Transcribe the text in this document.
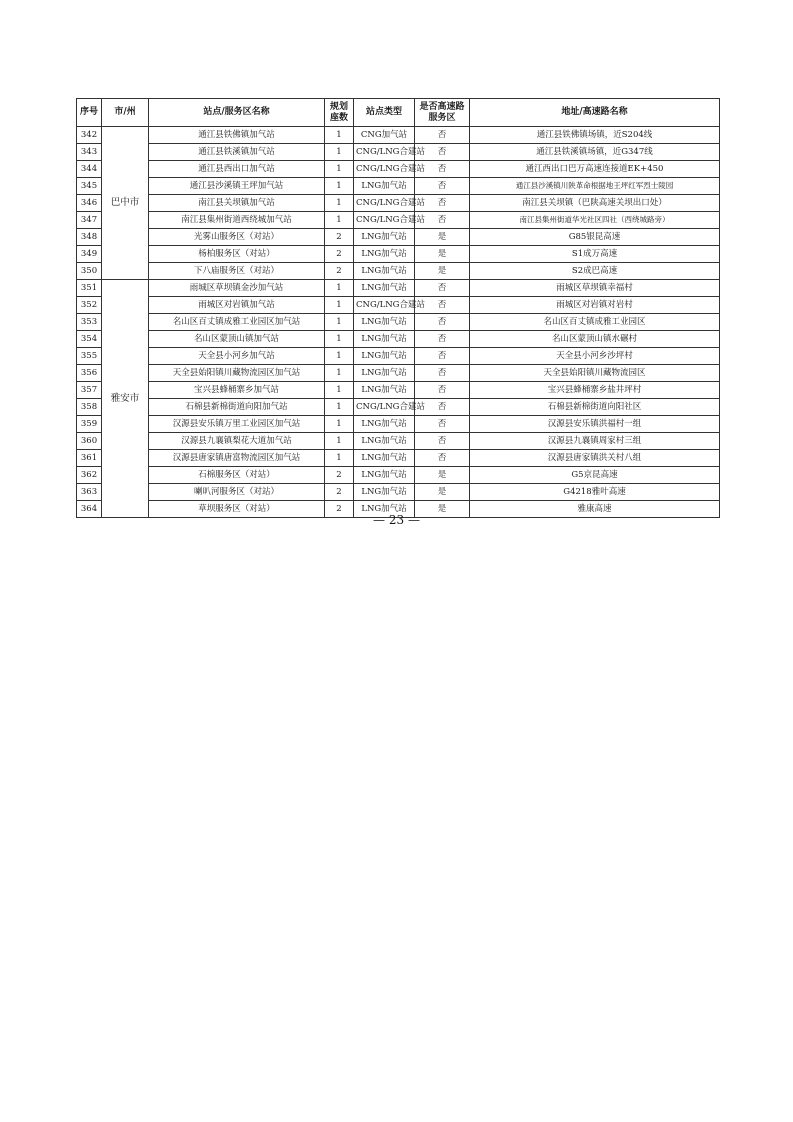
序号	市/州	站点/服务区名称	规划座数	站点类型	是否高速路服务区	地址/高速路名称
342	巴中市	通江县铁佛镇加气站	1	CNG加气站	否	通江县铁佛镇场镇，近S204线
343		通江县铁溪镇加气站	1	CNG/LNG合建站	否	通江县铁溪镇场镇，近G347线
344		通江县西出口加气站	1	CNG/LNG合建站	否	通江西出口巴万高速连接道EK+450
345		通江县沙溪镇王坪加气站	1	LNG加气站	否	通江县沙溪镇川陕革命根据地王坪红军烈士陵园
346		南江县关坝镇加气站	1	CNG/LNG合建站	否	南江县关坝镇（巴陕高速关坝出口处）
347		南江县集州街道西绕城加气站	1	CNG/LNG合建站	否	南江县集州街道华光社区四社（西绕城路旁）
348		光雾山服务区（对站）	2	LNG加气站	是	G85银昆高速
349		杨柏服务区（对站）	2	LNG加气站	是	S1成万高速
350		下八庙服务区（对站）	2	LNG加气站	是	S2成巴高速
351	雅安市	雨城区草坝镇金沙加气站	1	LNG加气站	否	雨城区草坝镇幸福村
352		雨城区对岩镇加气站	1	CNG/LNG合建站	否	雨城区对岩镇对岩村
353		名山区百丈镇成雅工业园区加气站	1	LNG加气站	否	名山区百丈镇成雅工业园区
354		名山区蒙顶山镇加气站	1	LNG加气站	否	名山区蒙顶山镇水碾村
355		天全县小河乡加气站	1	LNG加气站	否	天全县小河乡沙坪村
356		天全县始阳镇川藏物流园区加气站	1	LNG加气站	否	天全县始阳镇川藏物流园区
357		宝兴县蜂桶寨乡加气站	1	LNG加气站	否	宝兴县蜂桶寨乡盐井坪村
358		石棉县新棉街道向阳加气站	1	CNG/LNG合建站	否	石棉县新棉街道向阳社区
359		汉源县安乐镇万里工业园区加气站	1	LNG加气站	否	汉源县安乐镇洪福村一组
360		汉源县九襄镇梨花大道加气站	1	LNG加气站	否	汉源县九襄镇周家村三组
361		汉源县唐家镇唐富物流园区加气站	1	LNG加气站	否	汉源县唐家镇洪关村八组
362		石棉服务区（对站）	2	LNG加气站	是	G5京昆高速
363		喇叭河服务区（对站）	2	LNG加气站	是	G4218雅叶高速
364		草坝服务区（对站）	2	LNG加气站	是	雅康高速
— 23 —
